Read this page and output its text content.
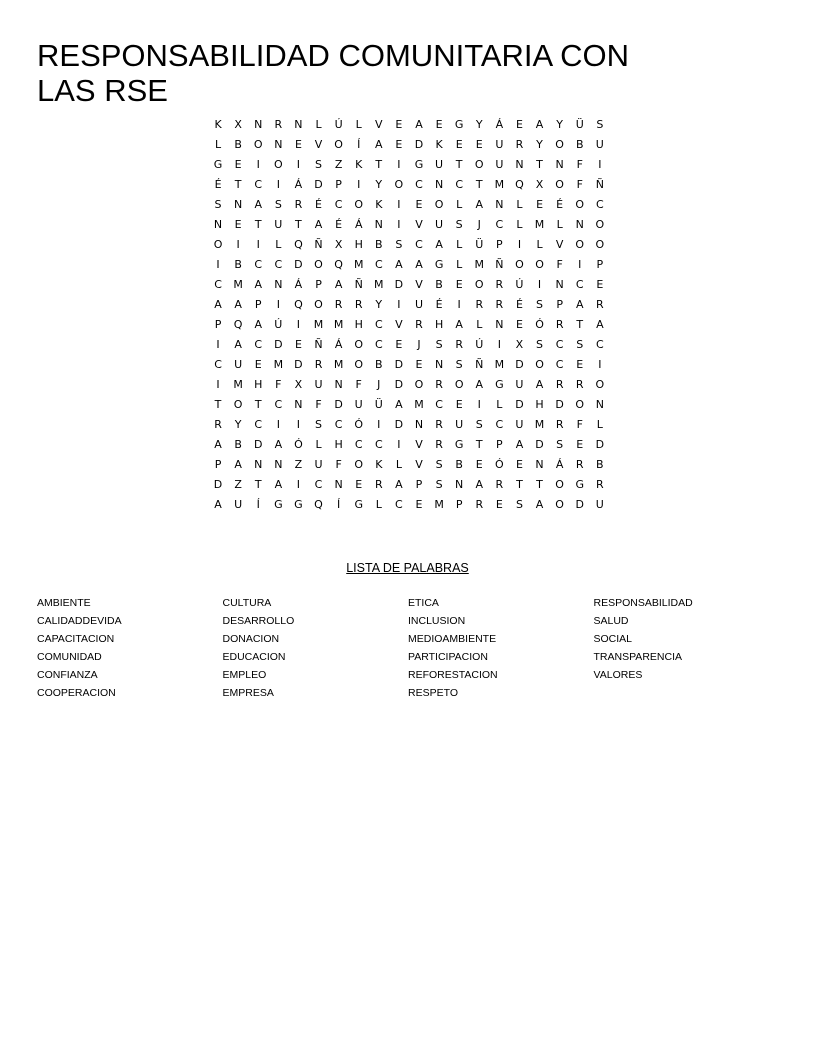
RESPONSABILIDAD COMUNITARIA CON LAS RSE
K	X	N	R	N	L	Ú	L	V	E	A	E	G	Y	Á	E	A	Y	Ü	S
L	B	O	N	E	V	O	Í	A	E	D	K	E	E	U	R	Y	O	B	U
G	E	I	O	I	S	Z	K	T	I	G	U	T	O	U	N	T	N	F	I
É	T	C	I	Á	D	P	I	Y	O	C	N	C	T	M	Q	X	O	F	Ñ
S	N	A	S	R	É	C	O	K	I	E	O	L	A	N	L	E	É	O	C
N	E	T	U	T	A	É	Á	N	I	V	U	S	J	C	L	M	L	N	O
O	I	I	L	Q	Ñ	X	H	B	S	C	A	L	Ü	P	I	L	V	O	O
I	B	C	C	D	O	Q	M	C	A	A	G	L	M	Ñ	O	O	F	I	P
C	M	A	N	Á	P	A	Ñ	M	D	V	B	E	O	R	Ú	I	N	C	E
A	A	P	I	Q	O	R	R	Y	I	U	É	I	R	R	É	S	P	A	R
P	Q	A	Ú	I	M M	H	C	V	R	H	A	L	N	E	Ó	R	T	A
I	A	C	D	E	Ñ	Á	O	C	E	J	S	R	Ú	I	X	S	C	S	C
C	U	E	M	D	R	M	O	B	D	E	N	S	Ñ	M	D	O	C	E	I
I	M	H	F	X	U	N	F	J	D	O	R	O	A	G	U	A	R	R	O
T	O	T	C	N	F	D	U	Ü	A	M	C	E	I	L	D	H	D	O	N
R	Y	C	I	I	S	C	Ó	I	D	N	R	U	S	C	U	M	R	F	L
A	B	D	A	Ó	L	H	C	C	I	V	R	G	T	P	A	D	S	E	D
P	A	N	N	Z	U	F	O	K	L	V	S	B	E	Ó	E	N	Á	R	B
D	Z	T	A	I	C	N	E	R	A	P	S	N	A	R	T	T	O	G	R
A	U	Í	G	G	Q	Í	G	L	C	E	M	P	R	E	S	A	O	D	U
LISTA DE PALABRAS
AMBIENTE
CALIDADDEVIDA
CAPACITACION
COMUNIDAD
CONFIANZA
COOPERACION
CULTURA
DESARROLLO
DONACION
EDUCACION
EMPLEO
EMPRESA
ETICA
INCLUSION
MEDIOAMBIENTE
PARTICIPACION
REFORESTACION
RESPETO
RESPONSABILIDAD
SALUD
SOCIAL
TRANSPARENCIA
VALORES
